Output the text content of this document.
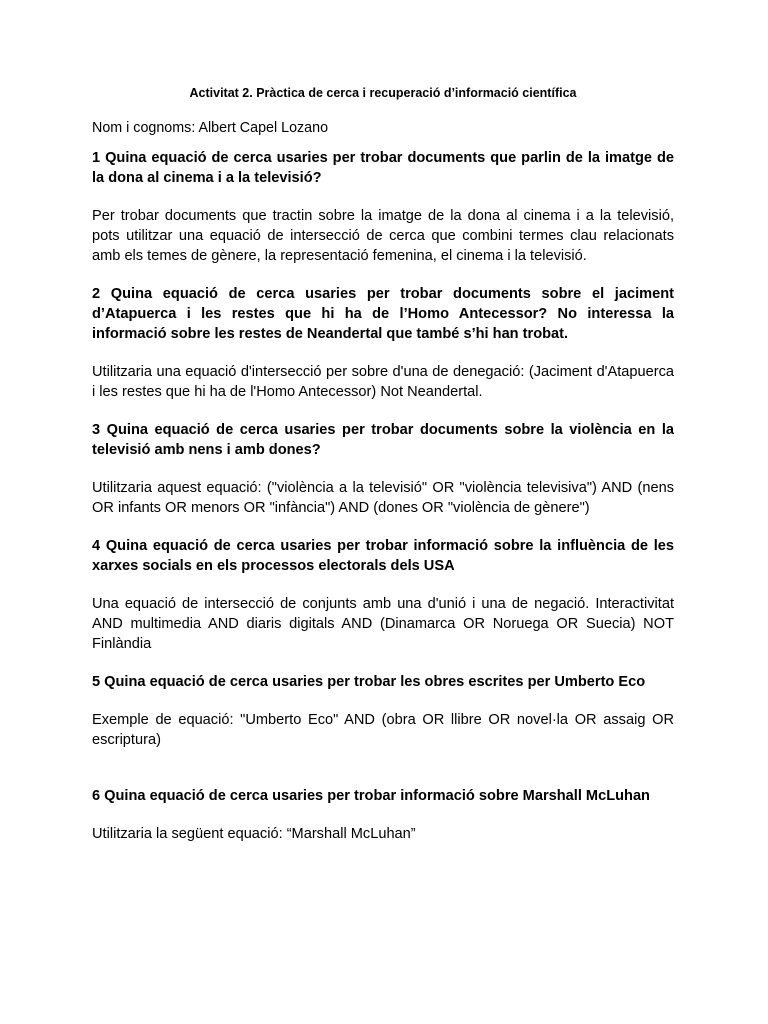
Activitat 2. Pràctica de cerca i recuperació d’informació científica

Nom i cognoms: Albert Capel Lozano

1 Quina equació de cerca usaries per trobar documents que parlin de la imatge de la dona al cinema i a la televisió?

Per trobar documents que tractin sobre la imatge de la dona al cinema i a la televisió, pots utilitzar una equació de intersecció de cerca que combini termes clau relacionats amb els temes de gènere, la representació femenina, el cinema i la televisió.

2 Quina equació de cerca usaries per trobar documents sobre el jaciment d’Atapuerca i les restes que hi ha de l’Homo Antecessor? No interessa la informació sobre les restes de Neandertal que també s’hi han trobat.

Utilitzaria una equació d'intersecció per sobre d'una de denegació: (Jaciment d'Atapuerca i les restes que hi ha de l'Homo Antecessor) Not Neandertal.

3 Quina equació de cerca usaries per trobar documents sobre la violència en la televisió amb nens i amb dones?

Utilitzaria aquest equació: ("violència a la televisió" OR "violència televisiva") AND (nens OR infants OR menors OR "infància") AND (dones OR "violència de gènere")

4 Quina equació de cerca usaries per trobar informació sobre la influència de les xarxes socials en els processos electorals dels USA

Una equació de intersecció de conjunts amb una d'unió i una de negació. Interactivitat AND multimedia AND diaris digitals AND (Dinamarca OR Noruega OR Suecia) NOT Finlàndia

5 Quina equació de cerca usaries per trobar les obres escrites per Umberto Eco

Exemple de equació: "Umberto Eco" AND (obra OR llibre OR novel·la OR assaig OR escriptura)

6 Quina equació de cerca usaries per trobar informació sobre Marshall McLuhan

Utilitzaria la següent equació: “Marshall McLuhan”
